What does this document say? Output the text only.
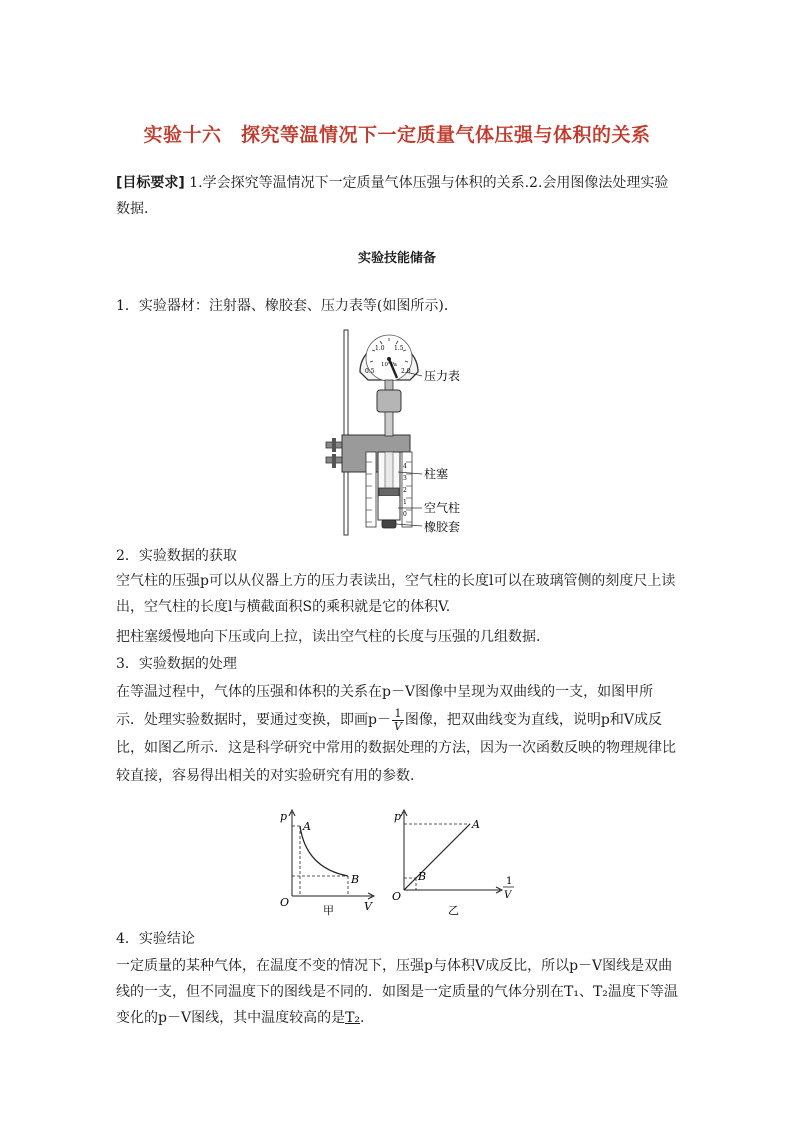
实验十六　探究等温情况下一定质量气体压强与体积的关系
[目标要求] 1.学会探究等温情况下一定质量气体压强与体积的关系.2.会用图像法处理实验数据.
实验技能储备
1．实验器材：注射器、橡胶套、压力表等(如图所示)．
0.5
1.0 1.5
2.0
10⁵Pa
4
3
2
1
0
压力表
柱塞
空气柱
橡胶套
2．实验数据的获取
空气柱的压强p可以从仪器上方的压力表读出，空气柱的长度l可以在玻璃管侧的刻度尺上读出，空气柱的长度l与横截面积S的乘积就是它的体积V.
把柱塞缓慢地向下压或向上拉，读出空气柱的长度与压强的几组数据．
3．实验数据的处理
在等温过程中，气体的压强和体积的关系在p－V图像中呈现为双曲线的一支，如图甲所示．处理实验数据时，要通过变换，即画$p- \frac{1}{V}$ 图像，把双曲线变为直线，说明p和V成反比，如图乙所示．这是科学研究中常用的数据处理的方法，因为一次函数反映的物理规律比较直接，容易得出相关的对实验研究有用的参数．
p
V
O
A
B
甲
p
O
A
B	1
V
乙
4．实验结论
一定质量的某种气体，在温度不变的情况下，压强p与体积V成反比，所以p－V图线是双曲线的一支，但不同温度下的图线是不同的．如图是一定质量的气体分别在T₁、T₂温度下等温变化的p－V图线，其中温度较高的是T₂.
